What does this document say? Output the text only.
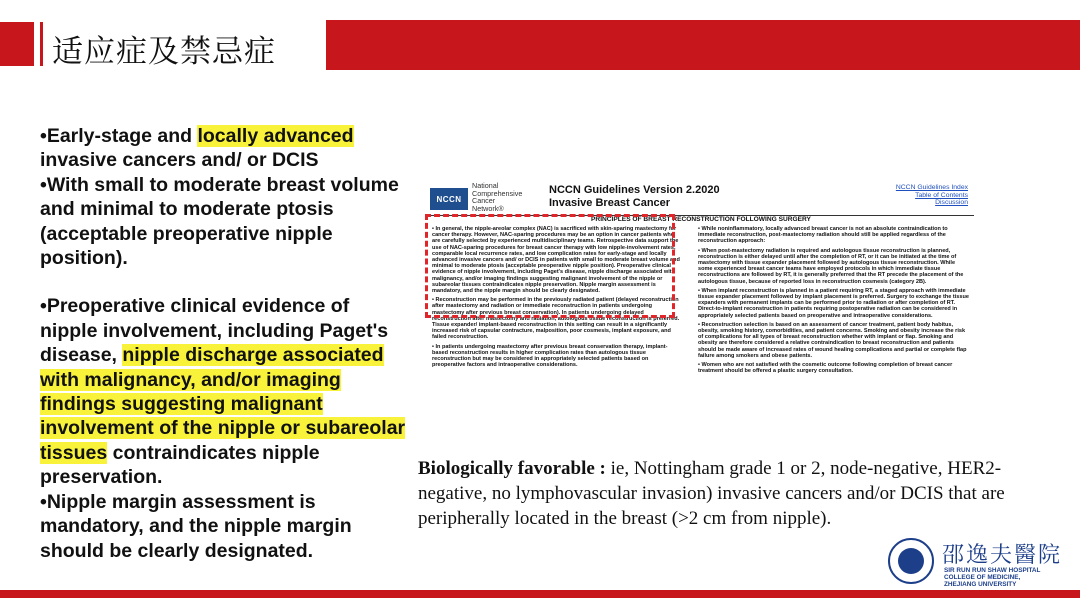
适应症及禁忌症

•Early-stage and locally advanced invasive cancers and/ or DCIS

•With small to moderate breast volume and minimal to moderate ptosis (acceptable preoperative nipple position).

•Preoperative clinical evidence of nipple involvement, including Paget's disease, nipple discharge associated with malignancy, and/or imaging findings suggesting malignant involvement of the nipple or subareolar tissues contraindicates nipple preservation.

•Nipple margin assessment is mandatory, and the nipple margin should be clearly designated.

NCCN
National
Comprehensive
Cancer
Network®
NCCN Guidelines Version 2.2020
Invasive Breast Cancer
NCCN Guidelines Index
Table of Contents
Discussion
PRINCIPLES OF BREAST RECONSTRUCTION FOLLOWING SURGERY

• In general, the nipple-areolar complex (NAC) is sacrificed with skin-sparing mastectomy for cancer therapy. However, NAC-sparing procedures may be an option in cancer patients who are carefully selected by experienced multidisciplinary teams. Retrospective data support the use of NAC-sparing procedures for breast cancer therapy with low nipple-involvement rates, comparable local recurrence rates, and low complication rates for early-stage and locally advanced invasive cancers and/ or DCIS in patients with small to moderate breast volume and minimal to moderate ptosis (acceptable preoperative nipple position). Preoperative clinical evidence of nipple involvement, including Paget's disease, nipple discharge associated with malignancy, and/or imaging findings suggesting malignant involvement of the nipple or subareolar tissues contraindicates nipple preservation. Nipple margin assessment is mandatory, and the nipple margin should be clearly designated.

• Reconstruction may be performed in the previously radiated patient (delayed reconstruction after mastectomy and radiation or immediate reconstruction in patients undergoing mastectomy after previous breast conservation). In patients undergoing delayed reconstruction after mastectomy and radiation, autologous tissue reconstruction is preferred. Tissue expander/ implant-based reconstruction in this setting can result in a significantly increased risk of capsular contracture, malposition, poor cosmesis, implant exposure, and failed reconstruction.

• In patients undergoing mastectomy after previous breast conservation therapy, implant-based reconstruction results in higher complication rates than autologous tissue reconstruction but may be considered in appropriately selected patients based on preoperative factors and intraoperative considerations.

• While noninflammatory, locally advanced breast cancer is not an absolute contraindication to immediate reconstruction, post-mastectomy radiation should still be applied regardless of the reconstruction approach:

• When post-mastectomy radiation is required and autologous tissue reconstruction is planned, reconstruction is either delayed until after the completion of RT, or it can be initiated at the time of mastectomy with tissue expander placement followed by autologous tissue reconstruction. While some experienced breast cancer teams have employed protocols in which immediate tissue reconstructions are followed by RT, it is generally preferred that the RT precede the placement of the autologous tissue, because of reported loss in reconstruction cosmesis (category 2B).

• When implant reconstruction is planned in a patient requiring RT, a staged approach with immediate tissue expander placement followed by implant placement is preferred. Surgery to exchange the tissue expanders with permanent implants can be performed prior to radiation or after completion of RT. Direct-to-implant reconstruction in patients requiring postoperative radiation can be considered in appropriately selected patients based on preoperative and intraoperative considerations.

• Reconstruction selection is based on an assessment of cancer treatment, patient body habitus, obesity, smoking history, comorbidities, and patient concerns. Smoking and obesity increase the risk of complications for all types of breast reconstruction whether with implant or flap. Smoking and obesity are therefore considered a relative contraindication to breast reconstruction and patients should be made aware of increased rates of wound healing complications and partial or complete flap failure among smokers and obese patients.

• Women who are not satisfied with the cosmetic outcome following completion of breast cancer treatment should be offered a plastic surgery consultation.

Biologically favorable : ie, Nottingham grade 1 or 2, node-negative, HER2-negative, no lymphovascular invasion) invasive cancers and/or DCIS that are peripherally located in the breast (>2 cm from nipple).
邵逸夫醫院
SIR RUN RUN SHAW HOSPITAL
COLLEGE OF MEDICINE,
ZHEJIANG UNIVERSITY
